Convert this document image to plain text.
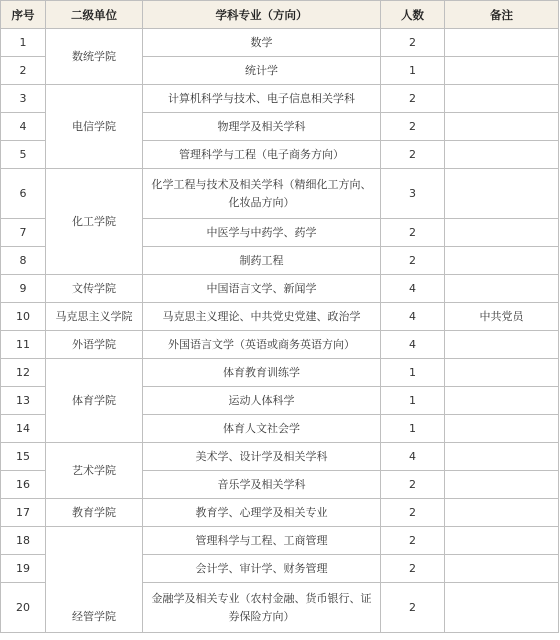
序号	二级单位	学科专业（方向）	人数	备注
1	数统学院	数学	2	
2		统计学	1	
3	电信学院	计算机科学与技术、电子信息相关学科	2	
4		物理学及相关学科	2	
5		管理科学与工程（电子商务方向）	2	
6	化工学院	化学工程与技术及相关学科（精细化工方向、化妆品方向）	3	
7		中医学与中药学、药学	2	
8		制药工程	2	
9	文传学院	中国语言文学、新闻学	4	
10	马克思主义学院	马克思主义理论、中共党史党建、政治学	4	中共党员
11	外语学院	外国语言文学（英语或商务英语方向）	4	
12	体育学院	体育教育训练学	1	
13		运动人体科学	1	
14		体育人文社会学	1	
15	艺术学院	美术学、设计学及相关学科	4	
16		音乐学及相关学科	2	
17	教育学院	教育学、心理学及相关专业	2	
18	经管学院	管理科学与工程、工商管理	2	
19		会计学、审计学、财务管理	2	
20		金融学及相关专业（农村金融、货币银行、证券保险方向）	2	
